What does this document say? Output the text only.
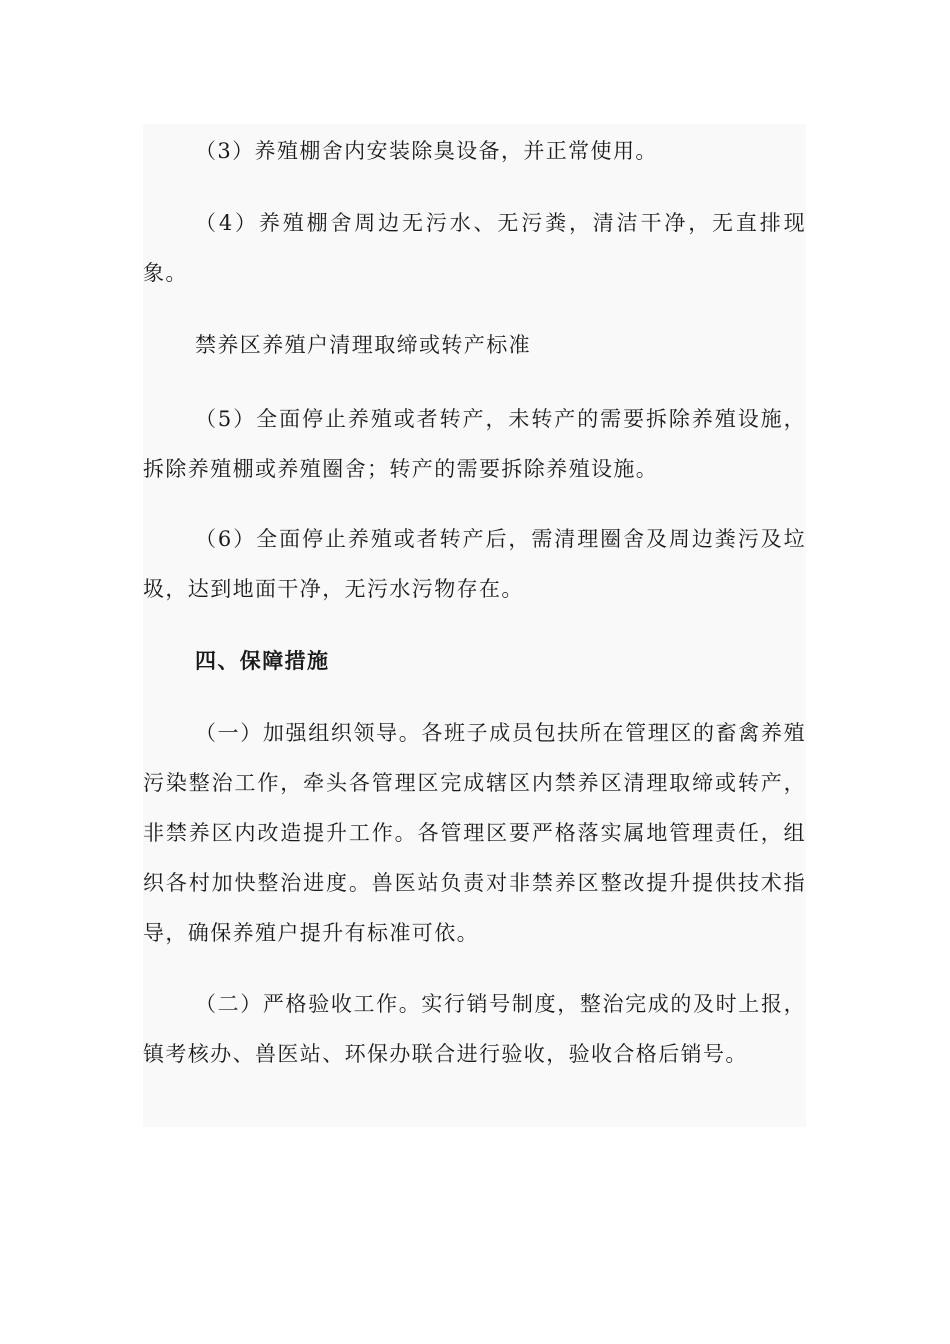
（3）养殖棚舍内安装除臭设备，并正常使用。

（4）养殖棚舍周边无污水、无污粪，清洁干净，无直排现象。

禁养区养殖户清理取缔或转产标准

（5）全面停止养殖或者转产，未转产的需要拆除养殖设施，拆除养殖棚或养殖圈舍；转产的需要拆除养殖设施。

（6）全面停止养殖或者转产后，需清理圈舍及周边粪污及垃圾，达到地面干净，无污水污物存在。

四、保障措施

（一）加强组织领导。各班子成员包扶所在管理区的畜禽养殖污染整治工作，牵头各管理区完成辖区内禁养区清理取缔或转产，非禁养区内改造提升工作。各管理区要严格落实属地管理责任，组织各村加快整治进度。兽医站负责对非禁养区整改提升提供技术指导，确保养殖户提升有标准可依。

（二）严格验收工作。实行销号制度，整治完成的及时上报，镇考核办、兽医站、环保办联合进行验收，验收合格后销号。
